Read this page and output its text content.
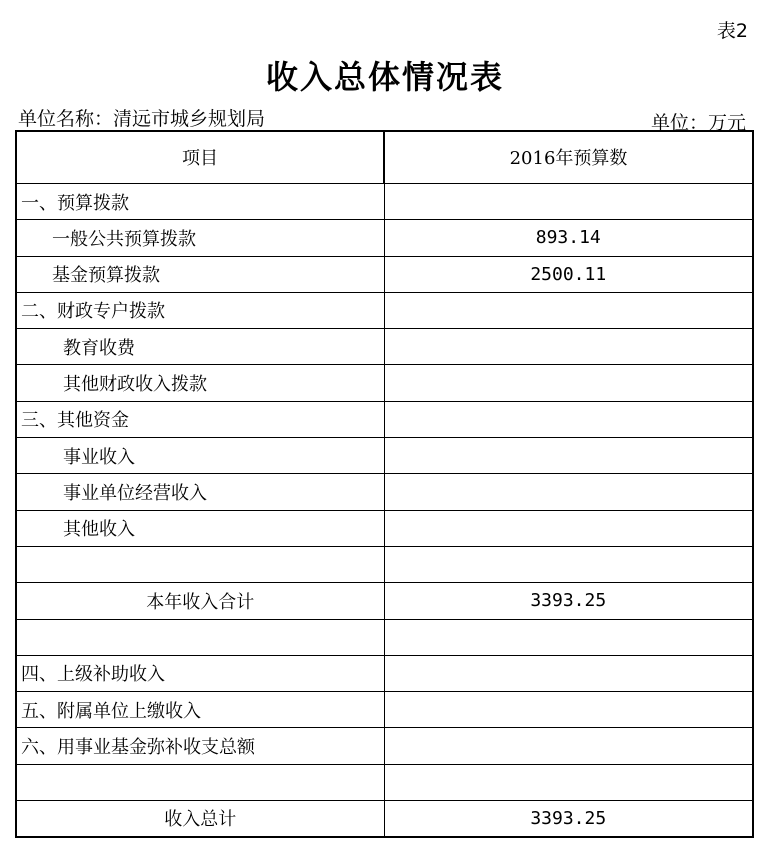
表2
收入总体情况表
单位名称：清远市城乡规划局	单位：万元
项目	2016年预算数
一、预算拨款	
一般公共预算拨款	893.14
基金预算拨款	2500.11
二、财政专户拨款	
教育收费	
其他财政收入拨款	
三、其他资金	
事业收入	
事业单位经营收入	
其他收入	

本年收入合计	3393.25

四、上级补助收入	
五、附属单位上缴收入	
六、用事业基金弥补收支总额	

收入总计	3393.25
